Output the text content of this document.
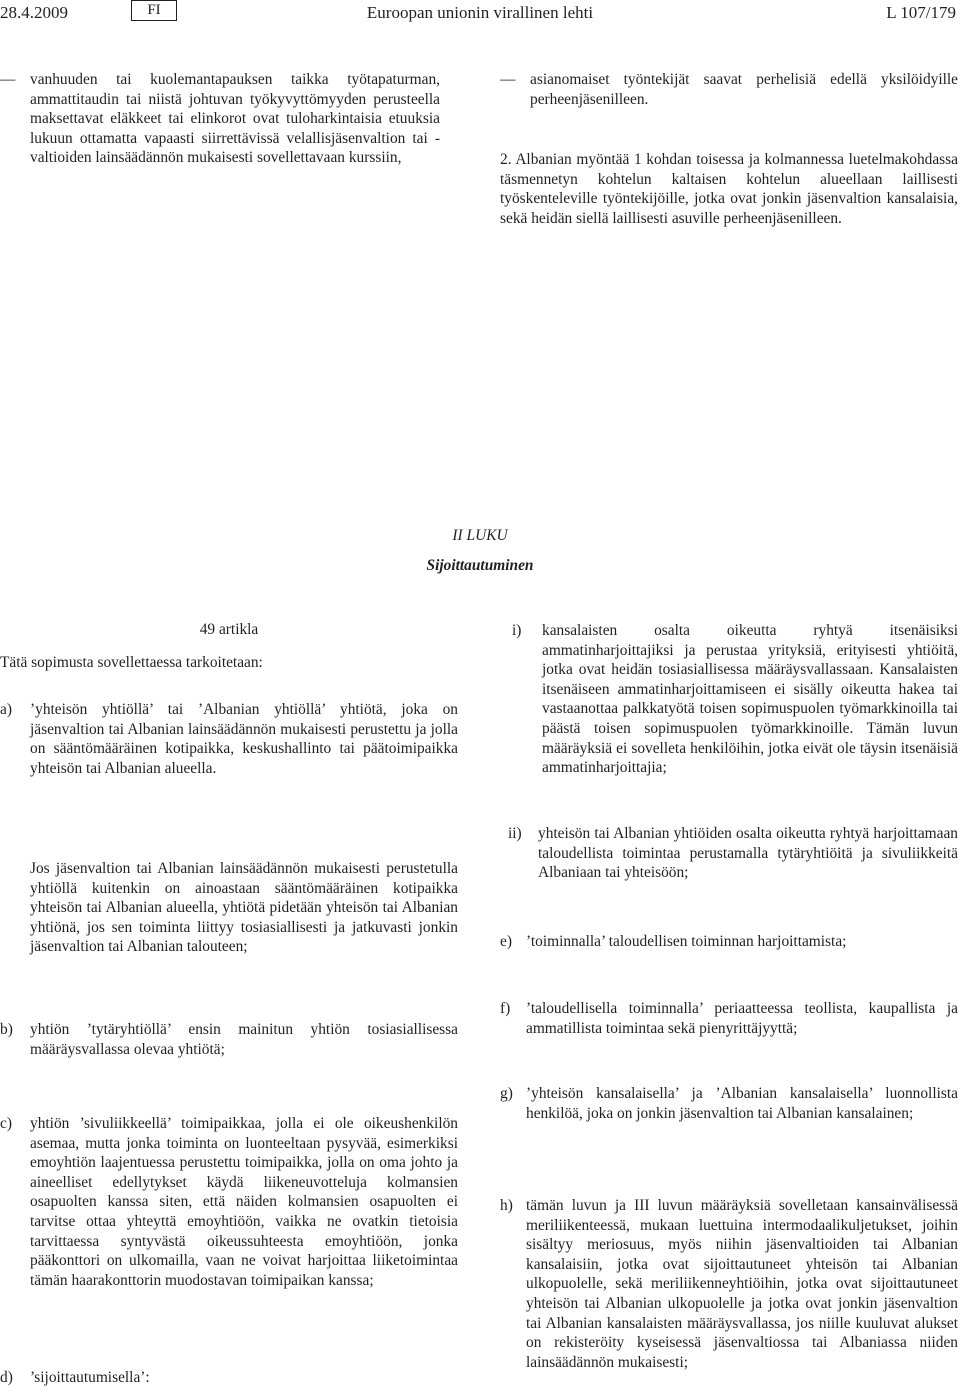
28.4.2009	FI	Euroopan unionin virallinen lehti	L 107/179
— vanhuuden tai kuolemantapauksen taikka työtapaturman, ammattitaudin tai niistä johtuvan työkyvyttömyyden perusteella maksettavat eläkkeet tai elinkorot ovat tuloharkintaisia etuuksia lukuun ottamatta vapaasti siirrettävissä velallisjäsenvaltion tai -valtioiden lainsäädännön mukaisesti sovellettavaan kurssiin,
— asianomaiset työntekijät saavat perhelisiä edellä yksilöidyille perheenjäsenilleen.
2. Albanian myöntää 1 kohdan toisessa ja kolmannessa luetelmakohdassa täsmennetyn kohtelun kaltaisen kohtelun alueellaan laillisesti työskenteleville työntekijöille, jotka ovat jonkin jäsenvaltion kansalaisia, sekä heidän siellä laillisesti asuville perheenjäsenilleen.
II LUKU
Sijoittautuminen
49 artikla
Tätä sopimusta sovellettaessa tarkoitetaan:
a)	’yhteisön yhtiöllä’ tai ’Albanian yhtiöllä’ yhtiötä, joka on jäsenvaltion tai Albanian lainsäädännön mukaisesti perustettu ja jolla on sääntömääräinen kotipaikka, keskushallinto tai päätoimipaikka yhteisön tai Albanian alueella.
Jos jäsenvaltion tai Albanian lainsäädännön mukaisesti perustetulla yhtiöllä kuitenkin on ainoastaan sääntömääräinen kotipaikka yhteisön tai Albanian alueella, yhtiötä pidetään yhteisön tai Albanian yhtiönä, jos sen toiminta liittyy tosiasiallisesti ja jatkuvasti jonkin jäsenvaltion tai Albanian talouteen;
b)	yhtiön ’tytäryhtiöllä’ ensin mainitun yhtiön tosiasiallisessa määräysvallassa olevaa yhtiötä;
c)	yhtiön ’sivuliikkeellä’ toimipaikkaa, jolla ei ole oikeushenkilön asemaa, mutta jonka toiminta on luonteeltaan pysyvää, esimerkiksi emoyhtiön laajentuessa perustettu toimipaikka, jolla on oma johto ja aineelliset edellytykset käydä liikeneuvotteluja kolmansien osapuolten kanssa siten, että näiden kolmansien osapuolten ei tarvitse ottaa yhteyttä emoyhtiöön, vaikka ne ovatkin tietoisia tarvittaessa syntyvästä oikeussuhteesta emoyhtiöön, jonka pääkonttori on ulkomailla, vaan ne voivat harjoittaa liiketoimintaa tämän haarakonttorin muodostavan toimipaikan kanssa;
d)	’sijoittautumisella’:
i)	kansalaisten osalta oikeutta ryhtyä itsenäisiksi ammatinharjoittajiksi ja perustaa yrityksiä, erityisesti yhtiöitä, jotka ovat heidän tosiasiallisessa määräysvallassaan. Kansalaisten itsenäiseen ammatinharjoittamiseen ei sisälly oikeutta hakea tai vastaanottaa palkkatyötä toisen sopimuspuolen työmarkkinoilla tai päästä toisen sopimuspuolen työmarkkinoille. Tämän luvun määräyksiä ei sovelleta henkilöihin, jotka eivät ole täysin itsenäisiä ammatinharjoittajia;
ii)	yhteisön tai Albanian yhtiöiden osalta oikeutta ryhtyä harjoittamaan taloudellista toimintaa perustamalla tytäryhtiöitä ja sivuliikkeitä Albaniaan tai yhteisöön;
e) ’toiminnalla’ taloudellisen toiminnan harjoittamista;
f)	’taloudellisella toiminnalla’ periaatteessa teollista, kaupallista ja ammatillista toimintaa sekä pienyrittäjyyttä;
g) ’yhteisön kansalaisella’ ja ’Albanian kansalaisella’ luonnollista henkilöä, joka on jonkin jäsenvaltion tai Albanian kansalainen;
h) tämän luvun ja III luvun määräyksiä sovelletaan kansainvälisessä meriliikenteessä, mukaan luettuina intermodaalikuljetukset, joihin sisältyy meriosuus, myös niihin jäsenvaltioiden tai Albanian kansalaisiin, jotka ovat sijoittautuneet yhteisön tai Albanian ulkopuolelle, sekä meriliikenneyhtiöihin, jotka ovat sijoittautuneet yhteisön tai Albanian ulkopuolelle ja jotka ovat jonkin jäsenvaltion tai Albanian kansalaisten määräysvallassa, jos niille kuuluvat alukset on rekisteröity kyseisessä jäsenvaltiossa tai Albaniassa niiden lainsäädännön mukaisesti;
